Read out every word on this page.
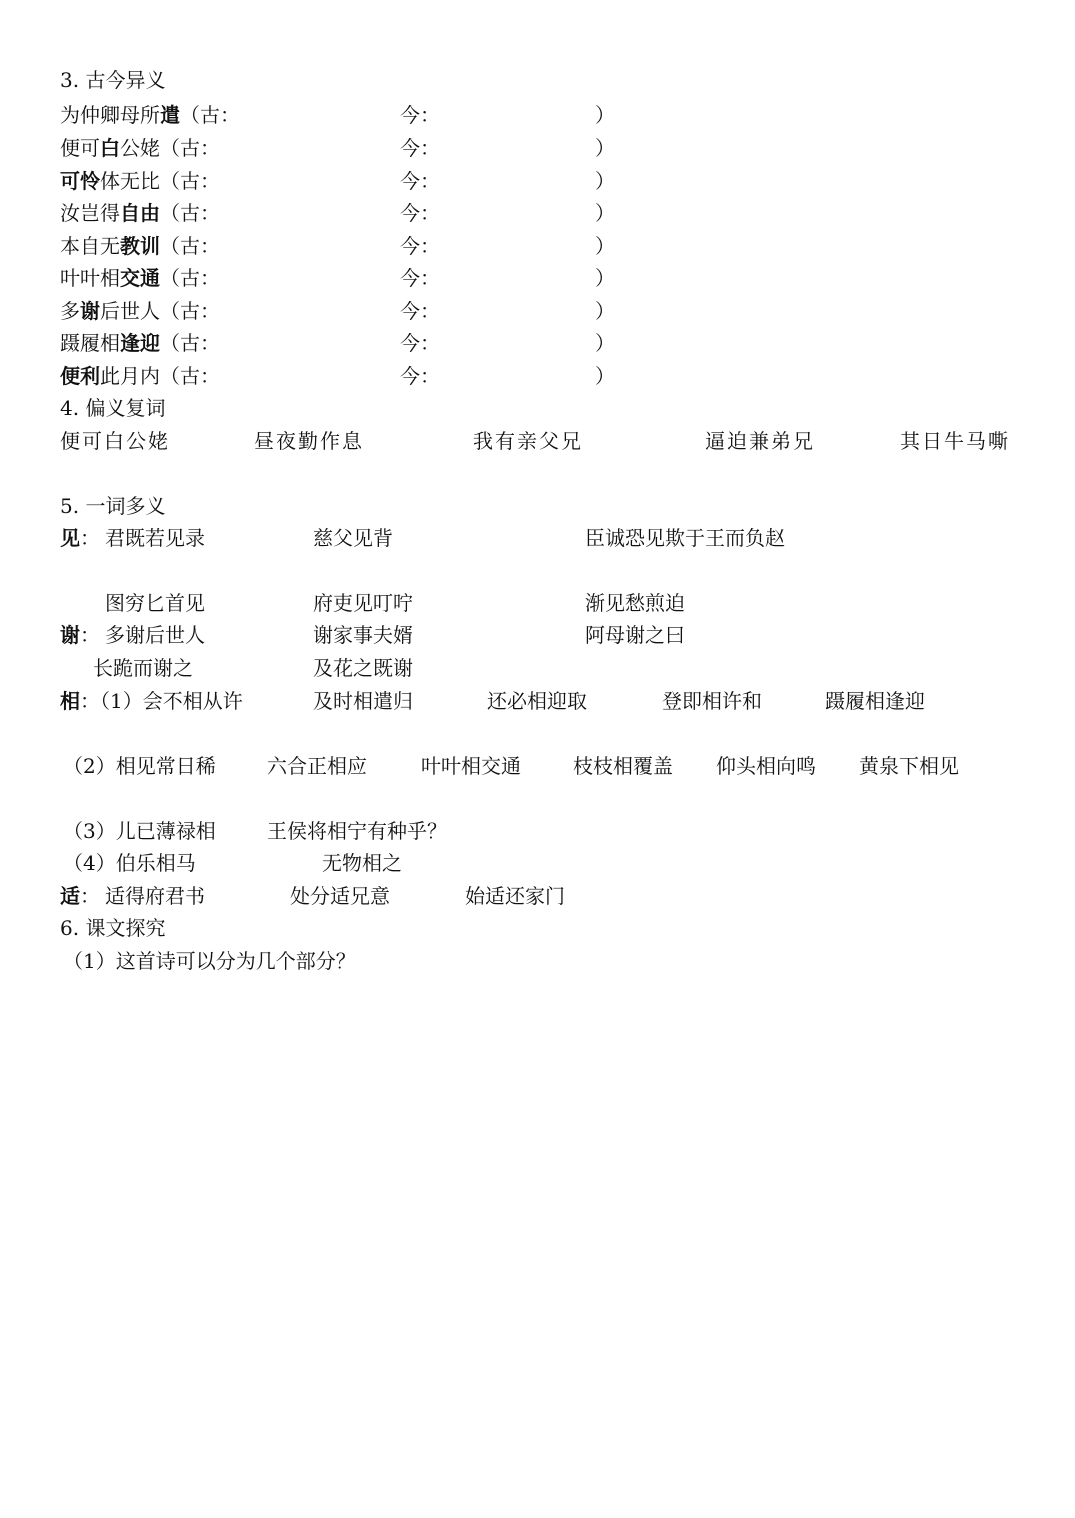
3. 古今异义
为仲卿母所遣（古：	今：	）
便可白公姥（古：	今：	）
可怜体无比（古：	今：	）
汝岂得自由（古：	今：	）
本自无教训（古：	今：	）
叶叶相交通（古：	今：	）
多谢后世人（古：	今：	）
蹑履相逢迎（古：	今：	）
便利此月内（古：	今：	）
4. 偏义复词
便可白公姥	昼夜勤作息	我有亲父兄	逼迫兼弟兄	其日牛马嘶
5. 一词多义
见： 君既若见录	慈父见背	臣诚恐见欺于王而负赵
图穷匕首见	府吏见叮咛	渐见愁煎迫
谢： 多谢后世人	谢家事夫婿	阿母谢之曰
长跪而谢之	及花之既谢
相：（1）会不相从许	及时相遣归	还必相迎取	登即相许和	蹑履相逢迎
（2）相见常日稀	六合正相应	叶叶相交通	枝枝相覆盖 仰头相向鸣 黄泉下相见
（3）儿已薄禄相	王侯将相宁有种乎？
（4）伯乐相马	无物相之
适： 适得府君书	处分适兄意	始适还家门
6. 课文探究
（1）这首诗可以分为几个部分？
